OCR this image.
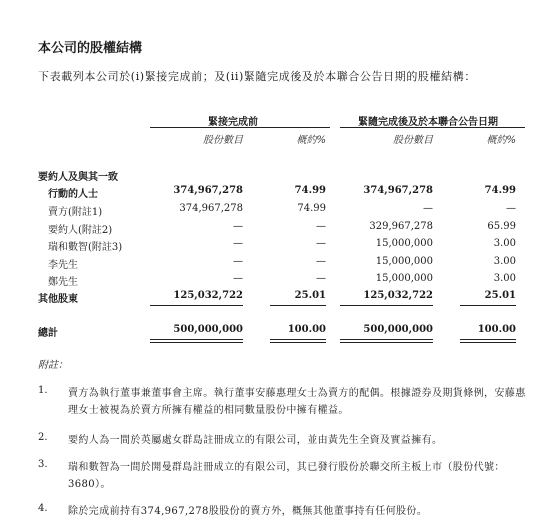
本公司的股權結構
下表載列本公司於(i)緊接完成前；及(ii)緊隨完成後及於本聯合公告日期的股權結構：
緊接完成前	緊隨完成後及於本聯合公告日期
股份數目	概約%	股份數目	概約%
要約人及與其一致
行動的人士	374,967,278	74.99	374,967,278	74.99
賣方(附註1)	374,967,278	74.99	—	—
要約人(附註2)	—	—	329,967,278	65.99
瑞和數智(附註3)	—	—	15,000,000	3.00
李先生	—	—	15,000,000	3.00
鄭先生	—	—	15,000,000	3.00
其他股東	125,032,722	25.01	125,032,722	25.01
總計	500,000,000	100.00	500,000,000	100.00
附註：
1. 賣方為執行董事兼董事會主席。執行董事安藤惠理女士為賣方的配偶。根據證券及期貨條例，安藤惠理女士被視為於賣方所擁有權益的相同數量股份中擁有權益。
2. 要約人為一間於英屬處女群島註冊成立的有限公司，並由黃先生全資及實益擁有。
3. 瑞和數智為一間於開曼群島註冊成立的有限公司，其已發行股份於聯交所主板上市（股份代號：3680）。
4. 除於完成前持有374,967,278股股份的賣方外，概無其他董事持有任何股份。
